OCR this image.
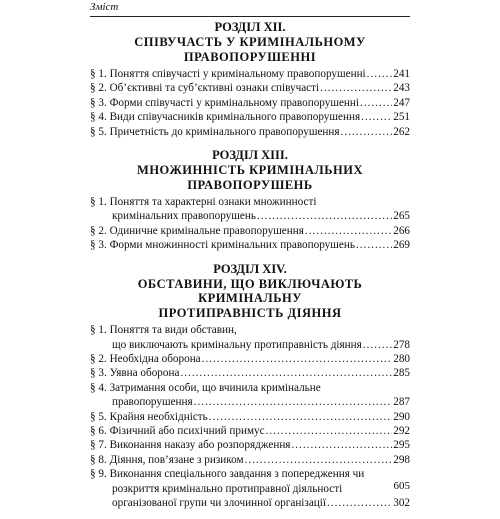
Зміст
РОЗДІЛ XII.
СПІВУЧАСТЬ У КРИМІНАЛЬНОМУ
ПРАВОПОРУШЕННІ
§ 1. Поняття співучасті у кримінальному правопорушенні ..... 241
§ 2. Об’єктивні та суб’єктивні ознаки співучасті .....	243
§ 3. Форми співучасті у кримінальному правопорушенні .....	247
§ 4. Види співучасників кримінального правопорушення .....	251
§ 5. Причетність до кримінального правопорушення .....	262
РОЗДІЛ XIII.
МНОЖИННІСТЬ КРИМІНАЛЬНИХ
ПРАВОПОРУШЕНЬ
§ 1. Поняття та характерні ознаки множинності
кримінальних правопорушень .....	265
§ 2. Одиничне кримінальне правопорушення .....	266
§ 3. Форми множинності кримінальних правопорушень .....	269
РОЗДІЛ XIV.
ОБСТАВИНИ, ЩО ВИКЛЮЧАЮТЬ КРИМІНАЛЬНУ
ПРОТИПРАВНІСТЬ ДІЯННЯ
§ 1. Поняття та види обставин,
що виключають кримінальну протиправність діяння .....	278
§ 2. Необхідна оборона .....	280
§ 3. Уявна оборона .....	285
§ 4. Затримання особи, що вчинила кримінальне
правопорушення .....	287
§ 5. Крайня необхідність .....	290
§ 6. Фізичний або психічний примус .....	292
§ 7. Виконання наказу або розпорядження .....	295
§ 8. Діяння, пов’язане з ризиком .....	298
§ 9. Виконання спеціального завдання з попередження чи
розкриття кримінально протиправної діяльності
організованої групи чи злочинної організації .....	302
605
